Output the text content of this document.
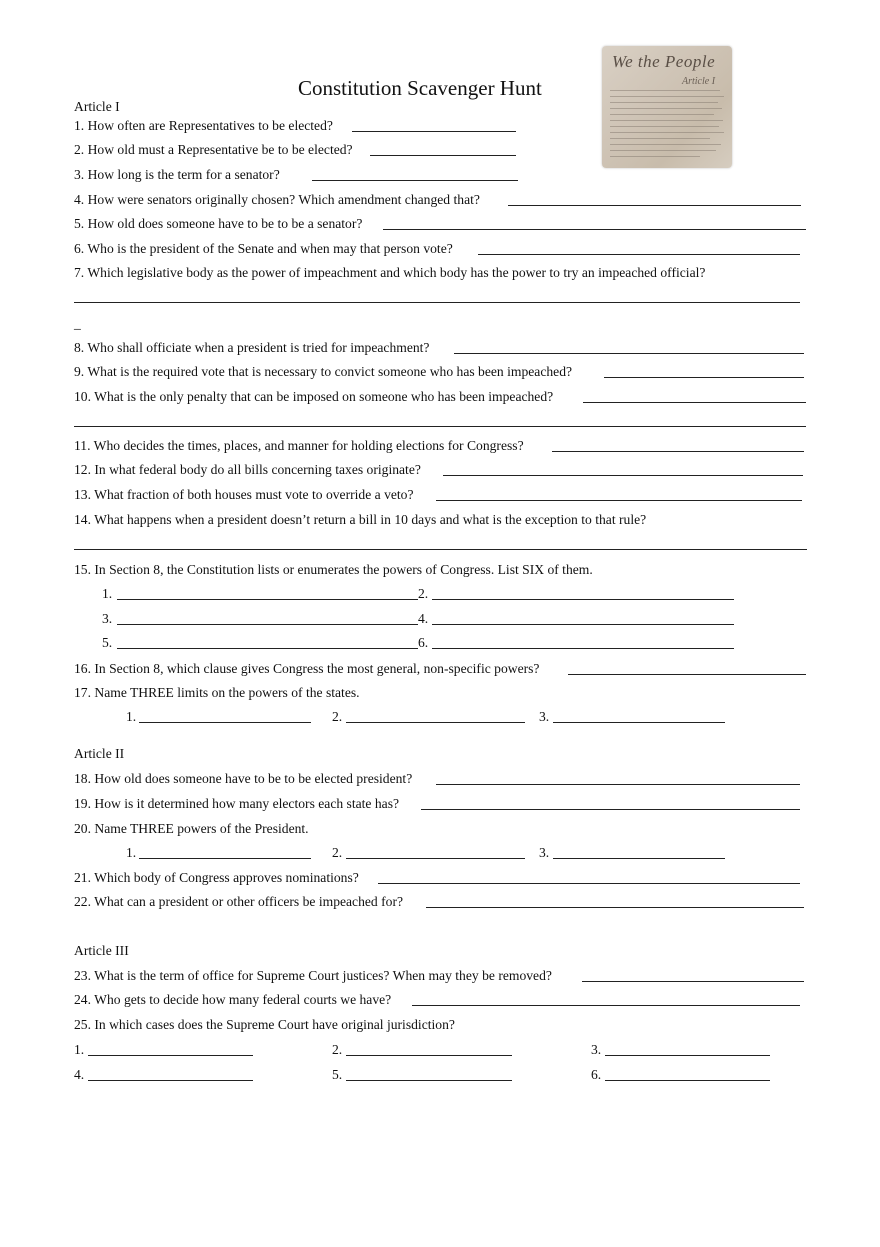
We the People
Article I
Constitution Scavenger Hunt
Article I
1. How often are Representatives to be elected?
2. How old must a Representative be to be elected?
3. How long is the term for a senator?
4. How were senators originally chosen? Which amendment changed that?
5. How old does someone have to be to be a senator?
6. Who is the president of the Senate and when may that person vote?
7. Which legislative body as the power of impeachment and which body has the power to try an impeached official?
_
8. Who shall officiate when a president is tried for impeachment?
9. What is the required vote that is necessary to convict someone who has been impeached?
10. What is the only penalty that can be imposed on someone who has been impeached?
11. Who decides the times, places, and manner for holding elections for Congress?
12. In what federal body do all bills concerning taxes originate?
13. What fraction of both houses must vote to override a veto?
14. What happens when a president doesn’t return a bill in 10 days and what is the exception to that rule?
15. In Section 8, the Constitution lists or enumerates the powers of Congress. List SIX of them.
1.	2.
3.	4.
5.	6.
16. In Section 8, which clause gives Congress the most general, non-specific powers?
17. Name THREE limits on the powers of the states.
1.	2.	3.
Article II
18. How old does someone have to be to be elected president?
19. How is it determined how many electors each state has?
20. Name THREE powers of the President.
1.	2.	3.
21. Which body of Congress approves nominations?
22. What can a president or other officers be impeached for?
Article III
23. What is the term of office for Supreme Court justices? When may they be removed?
24. Who gets to decide how many federal courts we have?
25. In which cases does the Supreme Court have original jurisdiction?
1.	2.	3.
4.	5.	6.
